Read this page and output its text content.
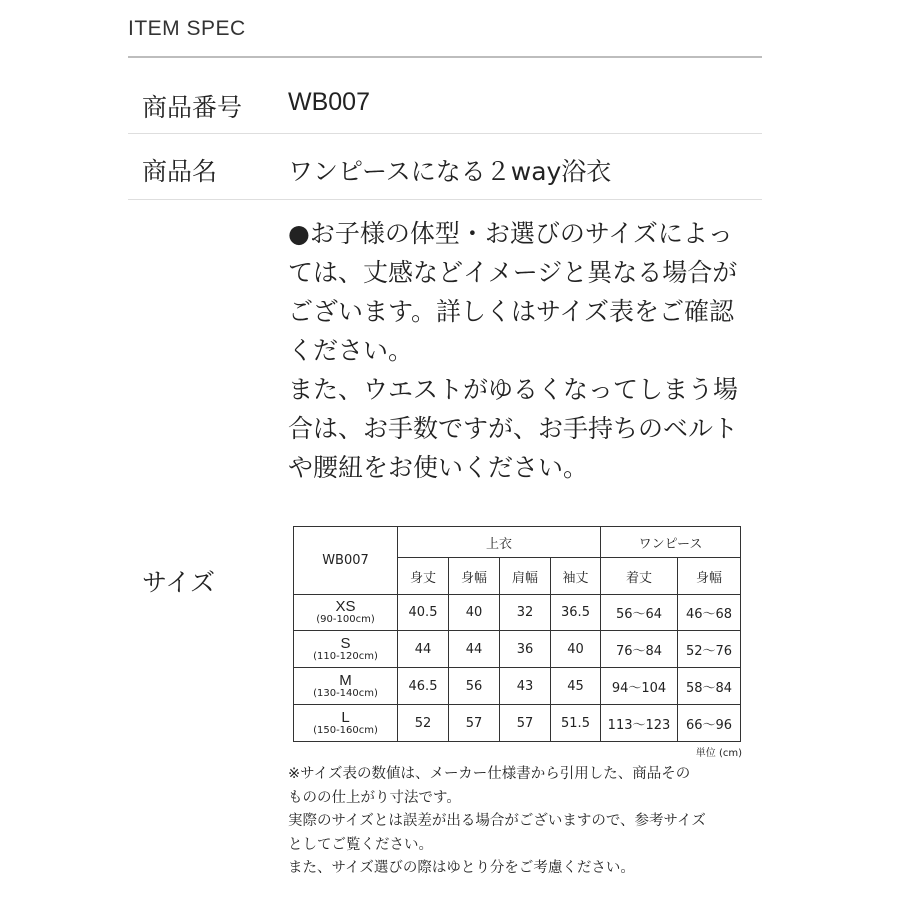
ITEM SPEC
商品番号 WB007
商品名	ワンピースになる２way浴衣

●お子様の体型・お選びのサイズによっ

ては、丈感などイメージと異なる場合が

ございます。詳しくはサイズ表をご確認

ください。

また、ウエストがゆるくなってしまう場

合は、お手数ですが、お手持ちのベルト

や腰紐をお使いください。

サイズ
WB007	上衣				ワンピース	
	身丈	身幅	肩幅	袖丈	着丈	身幅

XS
(90-100cm)	40.5	40	32	36.5	56〜64	46〜68

S
(110-120cm)	44	44	36	40	76〜84	52〜76

M
(130-140cm)	46.5	56	43	45	94〜104	58〜84

L
(150-160cm)	52	57	57	51.5	113〜123	66〜96
単位 (cm)

※サイズ表の数値は、メーカー仕様書から引用した、商品その

ものの仕上がり寸法です。

実際のサイズとは誤差が出る場合がございますので、参考サイズ

としてご覧ください。

また、サイズ選びの際はゆとり分をご考慮ください。
